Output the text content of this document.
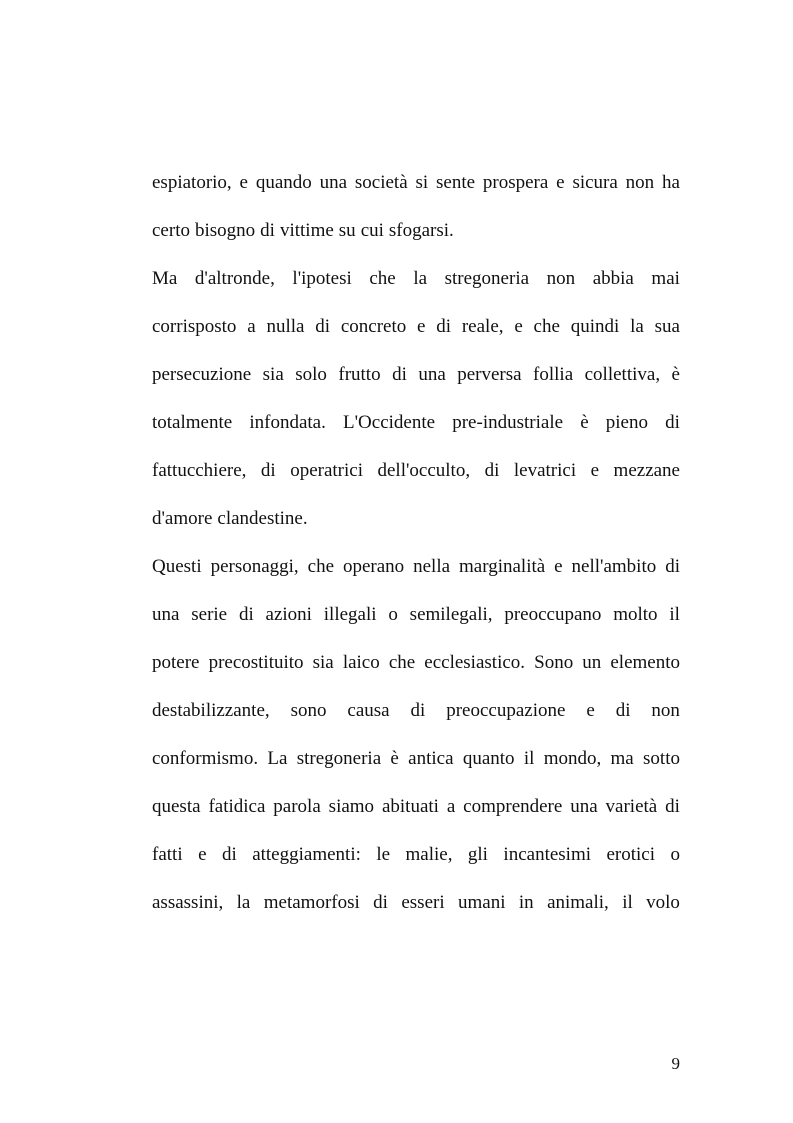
espiatorio, e quando una società si sente prospera e sicura non ha
certo bisogno di vittime su cui sfogarsi.
Ma d'altronde, l'ipotesi che la stregoneria non abbia mai
corrisposto a nulla di concreto e di reale, e che quindi la sua
persecuzione sia solo frutto di una perversa follia collettiva, è
totalmente infondata. L'Occidente pre-industriale è pieno di
fattucchiere, di operatrici dell'occulto, di levatrici e mezzane
d'amore clandestine.
Questi personaggi, che operano nella marginalità e nell'ambito di
una serie di azioni illegali o semilegali, preoccupano molto il
potere precostituito sia laico che ecclesiastico. Sono un elemento
destabilizzante, sono causa di preoccupazione e di non
conformismo. La stregoneria è antica quanto il mondo, ma sotto
questa fatidica parola siamo abituati a comprendere una varietà di
fatti e di atteggiamenti: le malie, gli incantesimi erotici o
assassini, la metamorfosi di esseri umani in animali, il volo
9
